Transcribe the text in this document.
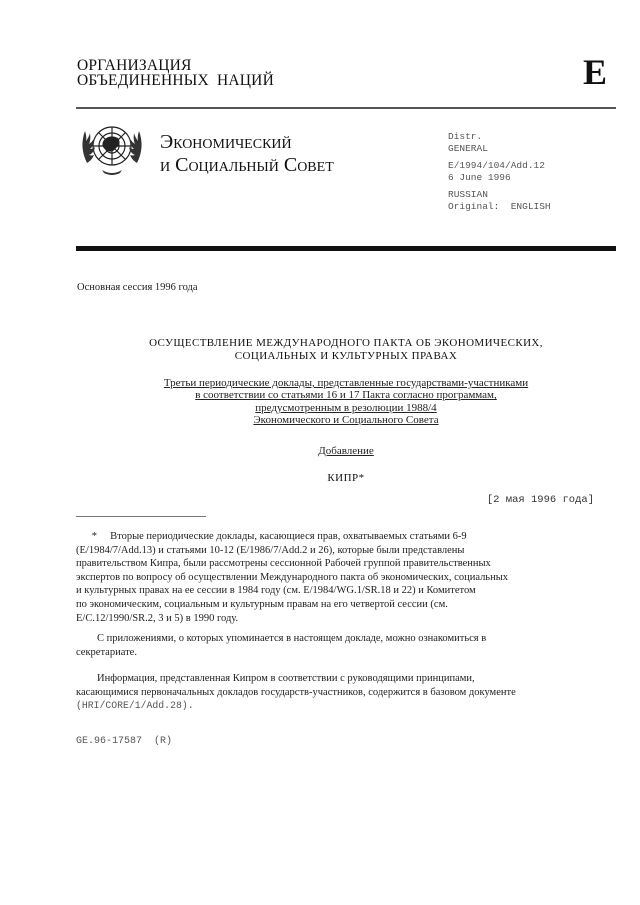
ОРГАНИЗАЦИЯ
ОБЪЕДИНЕННЫХ  НАЦИЙ	E
Экономический
и Социальный Совет
Distr.
GENERAL
E/1994/104/Add.12
6 June 1996
RUSSIAN
Original:  ENGLISH
Основная сессия 1996 года
ОСУЩЕСТВЛЕНИЕ МЕЖДУНАРОДНОГО ПАКТА ОБ ЭКОНОМИЧЕСКИХ,
СОЦИАЛЬНЫХ И КУЛЬТУРНЫХ ПРАВАХ
Третьи периодические доклады, представленные государствами-участниками
в соответствии со статьями 16 и 17 Пакта согласно программам,
предусмотренным в резолюции 1988/4
Экономического и Социального Совета
Добавление
КИПР*
[2 мая 1996 года]
*     Вторые периодические доклады, касающиеся прав, охватываемых статьями 6-9
(E/1984/7/Add.13) и статьями 10-12 (E/1986/7/Add.2 и 26), которые были представлены
правительством Кипра, были рассмотрены сессионной Рабочей группой правительственных
экспертов по вопросу об осуществлении Международного пакта об экономических, социальных
и культурных правах на ее сессии в 1984 году (см. E/1984/WG.1/SR.18 и 22) и Комитетом
по экономическим, социальным и культурным правам на его четвертой сессии (см.
E/C.12/1990/SR.2, 3 и 5) в 1990 году.
С приложениями, о которых упоминается в настоящем докладе, можно ознакомиться в
секретариате.
Информация, представленная Кипром в соответствии с руководящими принципами,
касающимися первоначальных докладов государств-участников, содержится в базовом документе
(HRI/CORE/1/Add.28).
GE.96-17587  (R)
